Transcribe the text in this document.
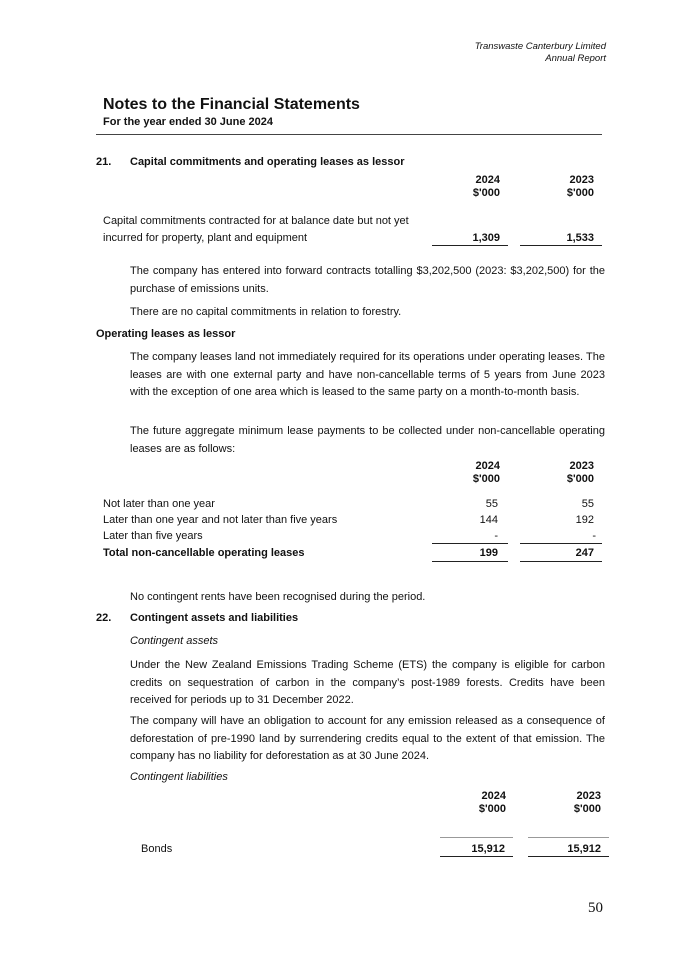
Transwaste Canterbury Limited
Annual Report
Notes to the Financial Statements
For the year ended 30 June 2024
21. Capital commitments and operating leases as lessor
2024
$'000
2023
$'000
Capital commitments contracted for at balance date but not yet
incurred for property, plant and equipment	1,309	1,533
The company has entered into forward contracts totalling $3,202,500 (2023: $3,202,500) for the purchase of emissions units.
There are no capital commitments in relation to forestry.
Operating leases as lessor
The company leases land not immediately required for its operations under operating leases. The leases are with one external party and have non-cancellable terms of 5 years from June 2023 with the exception of one area which is leased to the same party on a month-to-month basis.
The future aggregate minimum lease payments to be collected under non-cancellable operating leases are as follows:
2024
$'000
2023
$'000
Not later than one year	55	55
Later than one year and not later than five years	144	192
Later than five years	-	-
Total non-cancellable operating leases	199	247
No contingent rents have been recognised during the period.
22. Contingent assets and liabilities
Contingent assets
Under the New Zealand Emissions Trading Scheme (ETS) the company is eligible for carbon credits on sequestration of carbon in the company’s post-1989 forests. Credits have been received for periods up to 31 December 2022.
The company will have an obligation to account for any emission released as a consequence of deforestation of pre-1990 land by surrendering credits equal to the extent of that emission. The company has no liability for deforestation as at 30 June 2024.
Contingent liabilities
2024
$'000
2023
$'000
Bonds	15,912	15,912
50
